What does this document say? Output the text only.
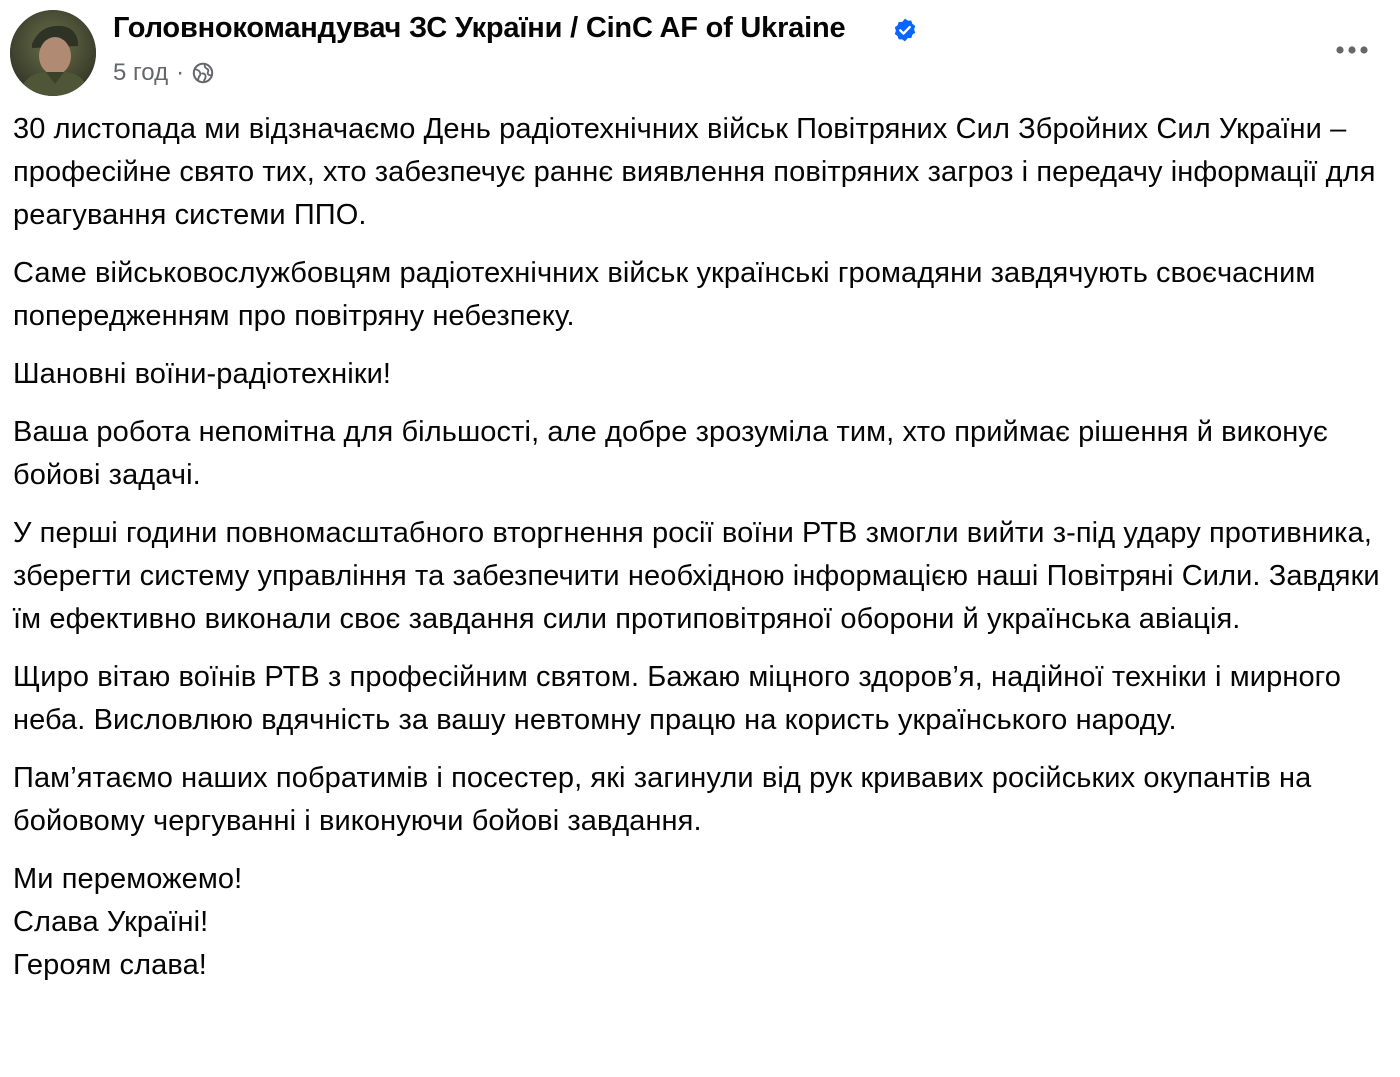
Головнокомандувач ЗС України / CinC AF of Ukraine
5 год ·

30 листопада ми відзначаємо День радіотехнічних військ Повітряних Сил Збройних Сил України – професійне свято тих, хто забезпечує раннє виявлення повітряних загроз і передачу інформації для реагування системи ППО.

Саме військовослужбовцям радіотехнічних військ українські громадяни завдячують своєчасним попередженням про повітряну небезпеку.

Шановні воїни-радіотехніки!

Ваша робота непомітна для більшості, але добре зрозуміла тим, хто приймає рішення й виконує бойові задачі.

У перші години повномасштабного вторгнення росії воїни РТВ змогли вийти з-під удару противника, зберегти систему управління та забезпечити необхідною інформацією наші Повітряні Сили. Завдяки їм ефективно виконали своє завдання сили протиповітряної оборони й українська авіація.

Щиро вітаю воїнів РТВ з професійним святом. Бажаю міцного здоров’я, надійної техніки і мирного неба. Висловлюю вдячність за вашу невтомну працю на користь українського народу.

Пам’ятаємо наших побратимів і посестер, які загинули від рук кривавих російських окупантів на бойовому чергуванні і виконуючи бойові завдання.

Ми переможемо!
Слава Україні!
Героям слава!
